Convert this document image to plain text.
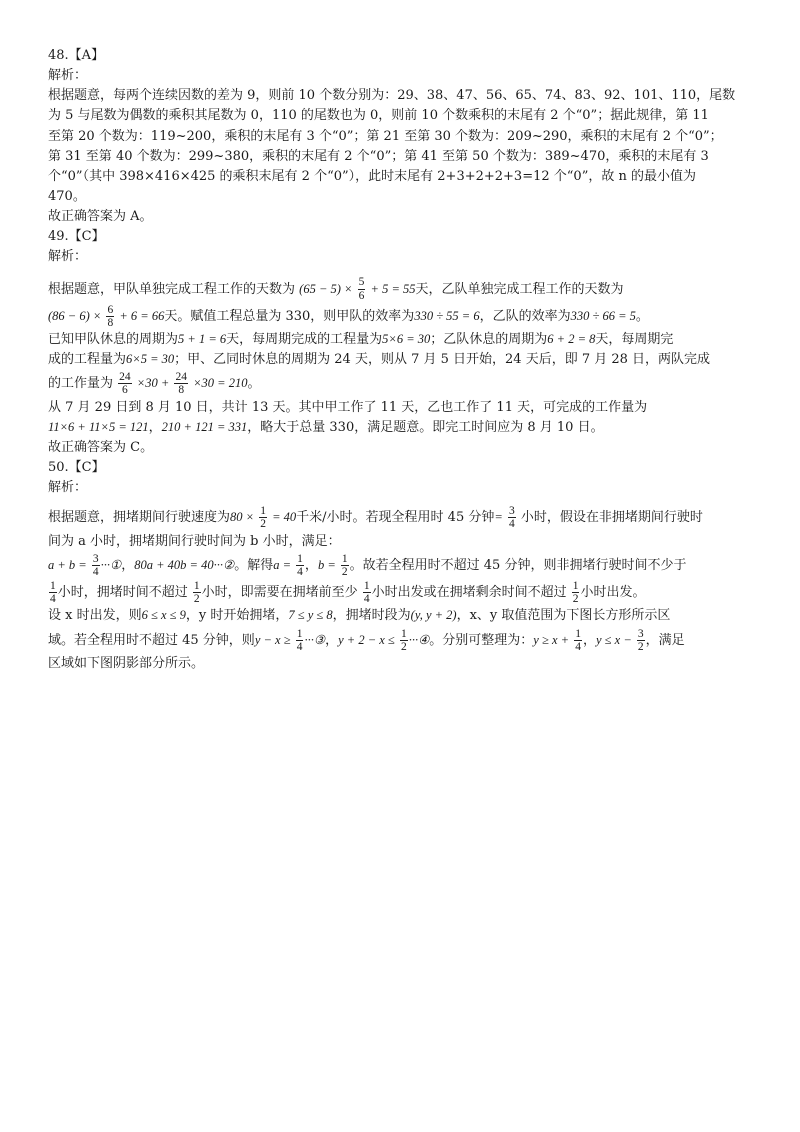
48.【A】

解析：

根据题意，每两个连续因数的差为 9，则前 10 个数分别为：29、38、47、56、65、74、83、92、101、110，尾数

为 5 与尾数为偶数的乘积其尾数为 0，110 的尾数也为 0，则前 10 个数乘积的末尾有 2 个“0”；据此规律，第 11

至第 20 个数为：119~200，乘积的末尾有 3 个“0”；第 21 至第 30 个数为：209~290，乘积的末尾有 2 个“0”；

第 31 至第 40 个数为：299~380，乘积的末尾有 2 个“0”；第 41 至第 50 个数为：389~470，乘积的末尾有 3

个“0”（其中 398×416×425 的乘积末尾有 2 个“0”），此时末尾有 2+3+2+2+3=12 个“0”，故 n 的最小值为

470。

故正确答案为 A。

49.【C】

解析：

根据题意，甲队单独完成工程工作的天数为 $(65 - 5) \times \frac{5}{6} + 5 = 55$天，乙队单独完成工程工作的天数为

$(86 - 6) \times \frac{6}{8} + 6 = 66$天。赋值工程总量为 330，则甲队的效率为330 ÷ 55 = 6，乙队的效率为330 ÷ 66 = 5。

已知甲队休息的周期为5 + 1 = 6天，每周期完成的工程量为5×6 = 30；乙队休息的周期为6 + 2 = 8天，每周期完

成的工程量为6×5 = 30；甲、乙同时休息的周期为 24 天，则从 7 月 5 日开始，24 天后，即 7 月 28 日，两队完成

的工作量为 $\frac{24}{6} \times 30 + \frac{24}{8} \times 30 = 210$。

从 7 月 29 日到 8 月 10 日，共计 13 天。其中甲工作了 11 天，乙也工作了 11 天，可完成的工作量为

11×6 + 11×5 = 121，210 + 121 = 331，略大于总量 330，满足题意。即完工时间应为 8 月 10 日。

故正确答案为 C。

50.【C】

解析：

根据题意，拥堵期间行驶速度为$80 \times \frac{1}{2} = 40$千米/小时。若现全程用时 45 分钟= $\frac{3}{4}$ 小时，假设在非拥堵期间行驶时

间为 a 小时，拥堵期间行驶时间为 b 小时，满足：

$a + b = \frac{3}{4}$ ···①，80a + 40b = 40···②。解得$a = \frac{1}{4}$ ，$b = \frac{1}{2}$ 。故若全程用时不超过 45 分钟，则非拥堵行驶时间不少于

$\frac{1}{4}$ 小时，拥堵时间不超过 $\frac{1}{2}$ 小时，即需要在拥堵前至少 $\frac{1}{4}$ 小时出发或在拥堵剩余时间不超过 $\frac{1}{2}$ 小时出发。

设 x 时出发，则6 ≤ x ≤ 9，y 时开始拥堵，7 ≤ y ≤ 8，拥堵时段为(y, y + 2)，x、y 取值范围为下图长方形所示区

域。若全程用时不超过 45 分钟，则$y - x \ge \frac{1}{4}$ ···③，$y + 2 - x \le \frac{1}{2}$ ···④。分别可整理为：$y \ge x + \frac{1}{4}$ ，$y \le x - \frac{3}{2}$ ，满足

区域如下图阴影部分所示。
